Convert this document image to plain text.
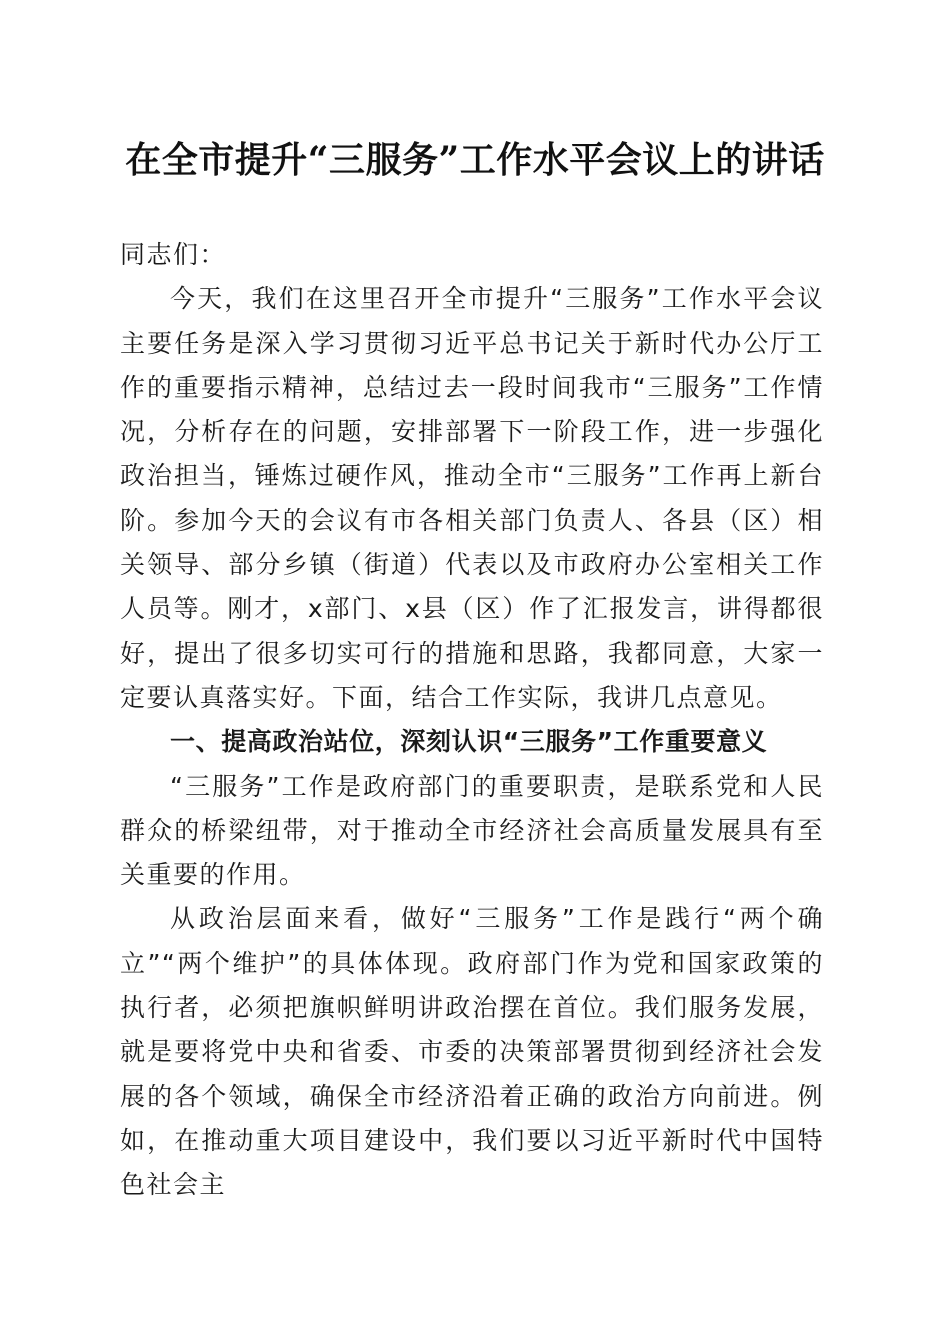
在全市提升“三服务”工作水平会议上的讲话

同志们：

今天，我们在这里召开全市提升“三服务”工作水平会议主要任务是深入学习贯彻习近平总书记关于新时代办公厅工作的重要指示精神，总结过去一段时间我市“三服务”工作情况，分析存在的问题，安排部署下一阶段工作，进一步强化政治担当，锤炼过硬作风，推动全市“三服务”工作再上新台阶。参加今天的会议有市各相关部门负责人、各县（区）相关领导、部分乡镇（街道）代表以及市政府办公室相关工作人员等。刚才，x部门、x县（区）作了汇报发言，讲得都很好，提出了很多切实可行的措施和思路，我都同意，大家一定要认真落实好。下面，结合工作实际，我讲几点意见。

一、提高政治站位，深刻认识“三服务”工作重要意义

“三服务”工作是政府部门的重要职责，是联系党和人民群众的桥梁纽带，对于推动全市经济社会高质量发展具有至关重要的作用。

从政治层面来看，做好“三服务”工作是践行“两个确立”“两个维护”的具体体现。政府部门作为党和国家政策的执行者，必须把旗帜鲜明讲政治摆在首位。我们服务发展，就是要将党中央和省委、市委的决策部署贯彻到经济社会发展的各个领域，确保全市经济沿着正确的政治方向前进。例如，在推动重大项目建设中，我们要以习近平新时代中国特色社会主
